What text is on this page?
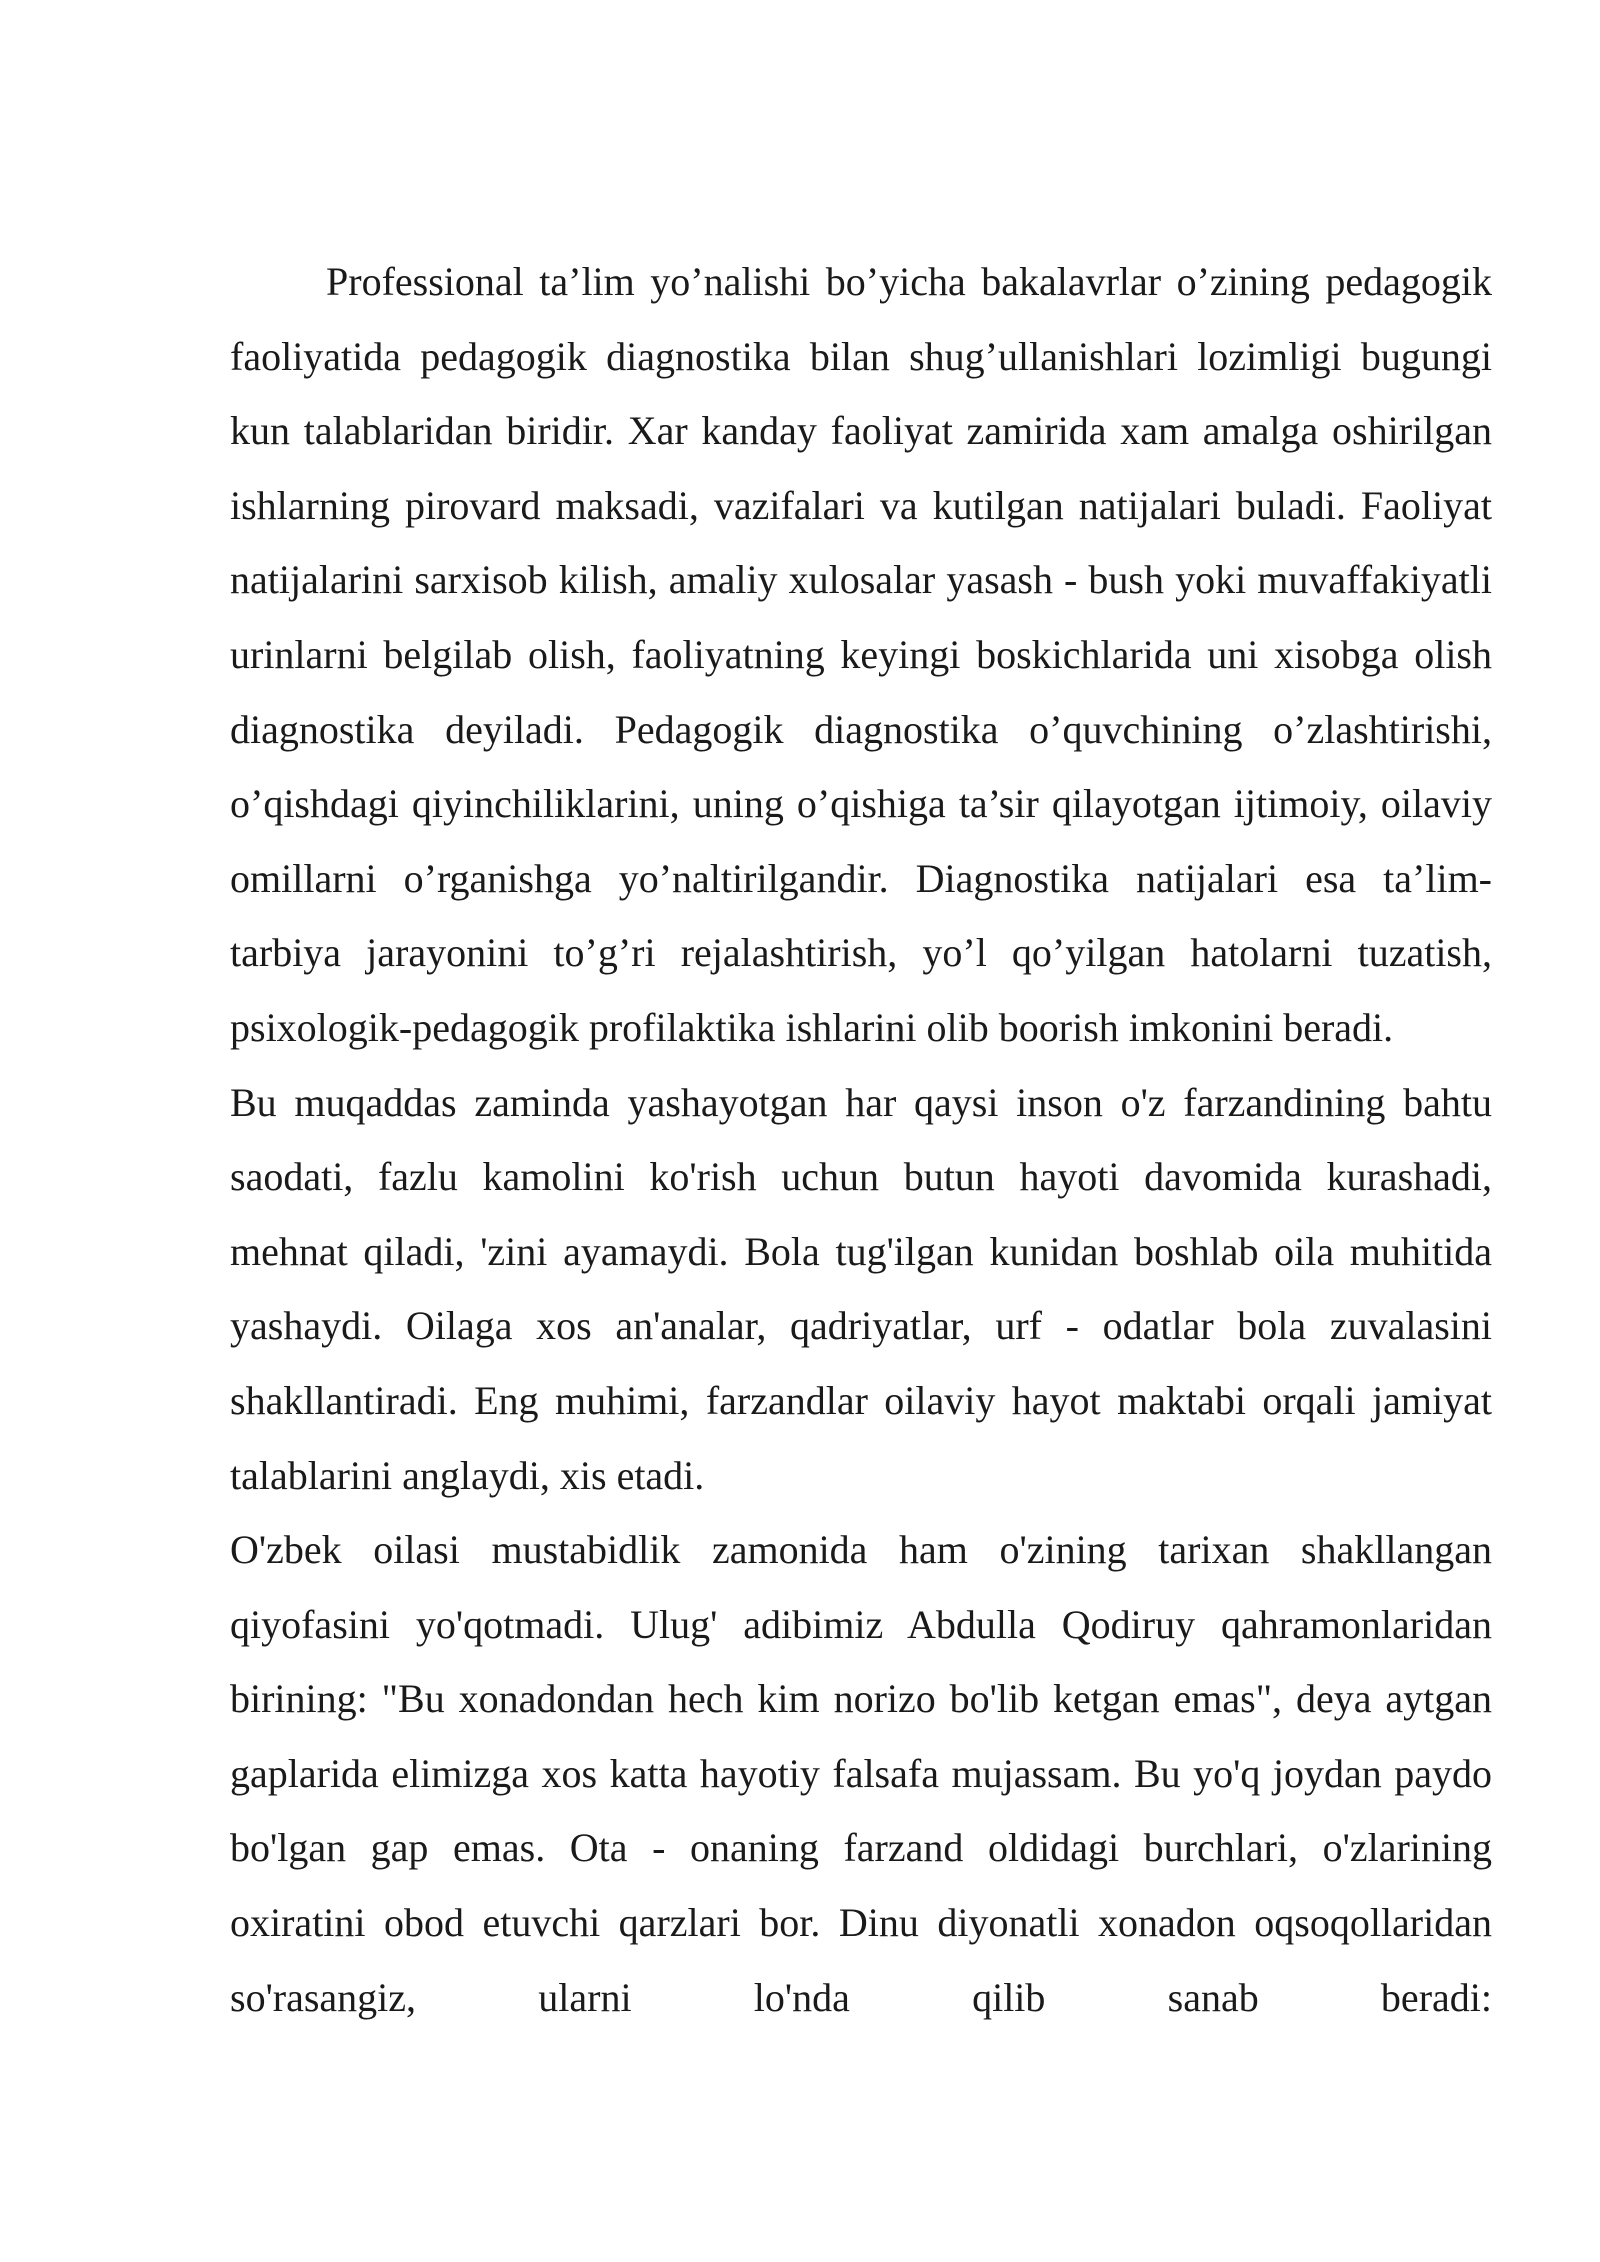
Professional ta’lim yo’nalishi bo’yicha bakalavrlar o’zining pedagogik faoliyatida pedagogik diagnostika bilan shug’ullanishlari lozimligi bugungi kun talablaridan biridir. Xar kanday faoliyat zamirida xam amalga oshirilgan ishlarning pirovard maksadi, vazifalari va kutilgan natijalari buladi. Faoliyat natijalarini sarxisob kilish, amaliy xulosalar yasash - bush yoki muvaffakiyatli urinlarni belgilab olish, faoliyatning keyingi boskichlarida uni xisobga olish diagnostika deyiladi. Pedagogik diagnostika o’quvchining o’zlashtirishi, o’qishdagi qiyinchiliklarini, uning o’qishiga ta’sir qilayotgan ijtimoiy, oilaviy omillarni o’rganishga yo’naltirilgandir. Diagnostika natijalari esa ta’lim-tarbiya jarayonini to’g’ri rejalashtirish, yo’l qo’yilgan hatolarni tuzatish, psixologik-pedagogik profilaktika ishlarini olib boorish imkonini beradi.

Bu muqaddas zaminda yashayotgan har qaysi inson o'z farzandining bahtu saodati, fazlu kamolini ko'rish uchun butun hayoti davomida kurashadi, mehnat qiladi, 'zini ayamaydi. Bola tug'ilgan kunidan boshlab oila muhitida yashaydi. Oilaga xos an'analar, qadriyatlar, urf - odatlar bola zuvalasini shakllantiradi. Eng muhimi, farzandlar oilaviy hayot maktabi orqali jamiyat talablarini anglaydi, xis etadi.

O'zbek oilasi mustabidlik zamonida ham o'zining tarixan shakllangan qiyofasini yo'qotmadi. Ulug' adibimiz Abdulla Qodiruy qahramonlaridan birining: "Bu xonadondan hech kim norizo bo'lib ketgan emas", deya aytgan gaplarida elimizga xos katta hayotiy falsafa mujassam. Bu yo'q joydan paydo bo'lgan gap emas. Ota - onaning farzand oldidagi burchlari, o'zlarining oxiratini obod etuvchi qarzlari bor. Dinu diyonatli xonadon oqsoqollaridan so'rasangiz, ularni lo'nda qilib sanab beradi:
